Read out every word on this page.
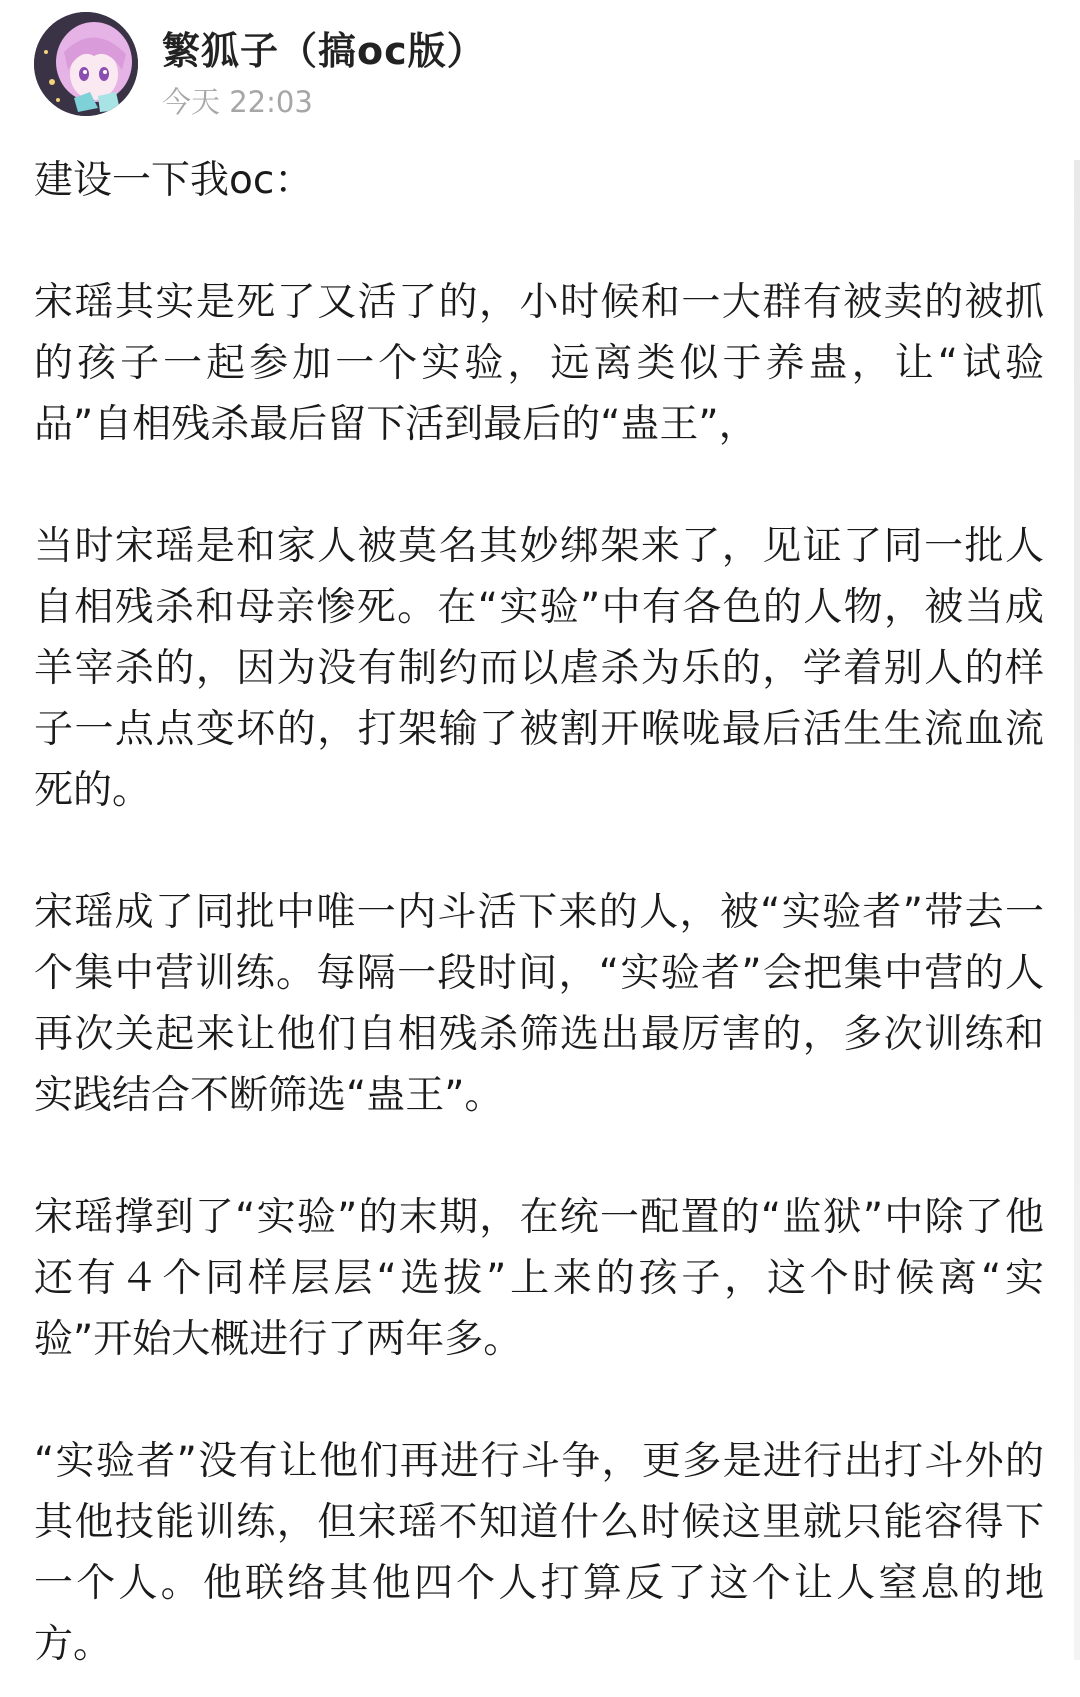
繁狐子（搞oc版）
今天 22:03

建设一下我oc：

宋瑶其实是死了又活了的，小时候和一大群有被卖的被抓的孩子一起参加一个实验，远离类似于养蛊，让“试验品”自相残杀最后留下活到最后的“蛊王”，

当时宋瑶是和家人被莫名其妙绑架来了，见证了同一批人自相残杀和母亲惨死。在“实验”中有各色的人物，被当成羊宰杀的，因为没有制约而以虐杀为乐的，学着别人的样子一点点变坏的，打架输了被割开喉咙最后活生生流血流死的。

宋瑶成了同批中唯一内斗活下来的人，被“实验者”带去一个集中营训练。每隔一段时间，“实验者”会把集中营的人再次关起来让他们自相残杀筛选出最厉害的，多次训练和实践结合不断筛选“蛊王”。

宋瑶撑到了“实验”的末期，在统一配置的“监狱”中除了他还有４个同样层层“选拔”上来的孩子，这个时候离“实验”开始大概进行了两年多。

“实验者”没有让他们再进行斗争，更多是进行出打斗外的其他技能训练，但宋瑶不知道什么时候这里就只能容得下一个人。他联络其他四个人打算反了这个让人窒息的地方。
